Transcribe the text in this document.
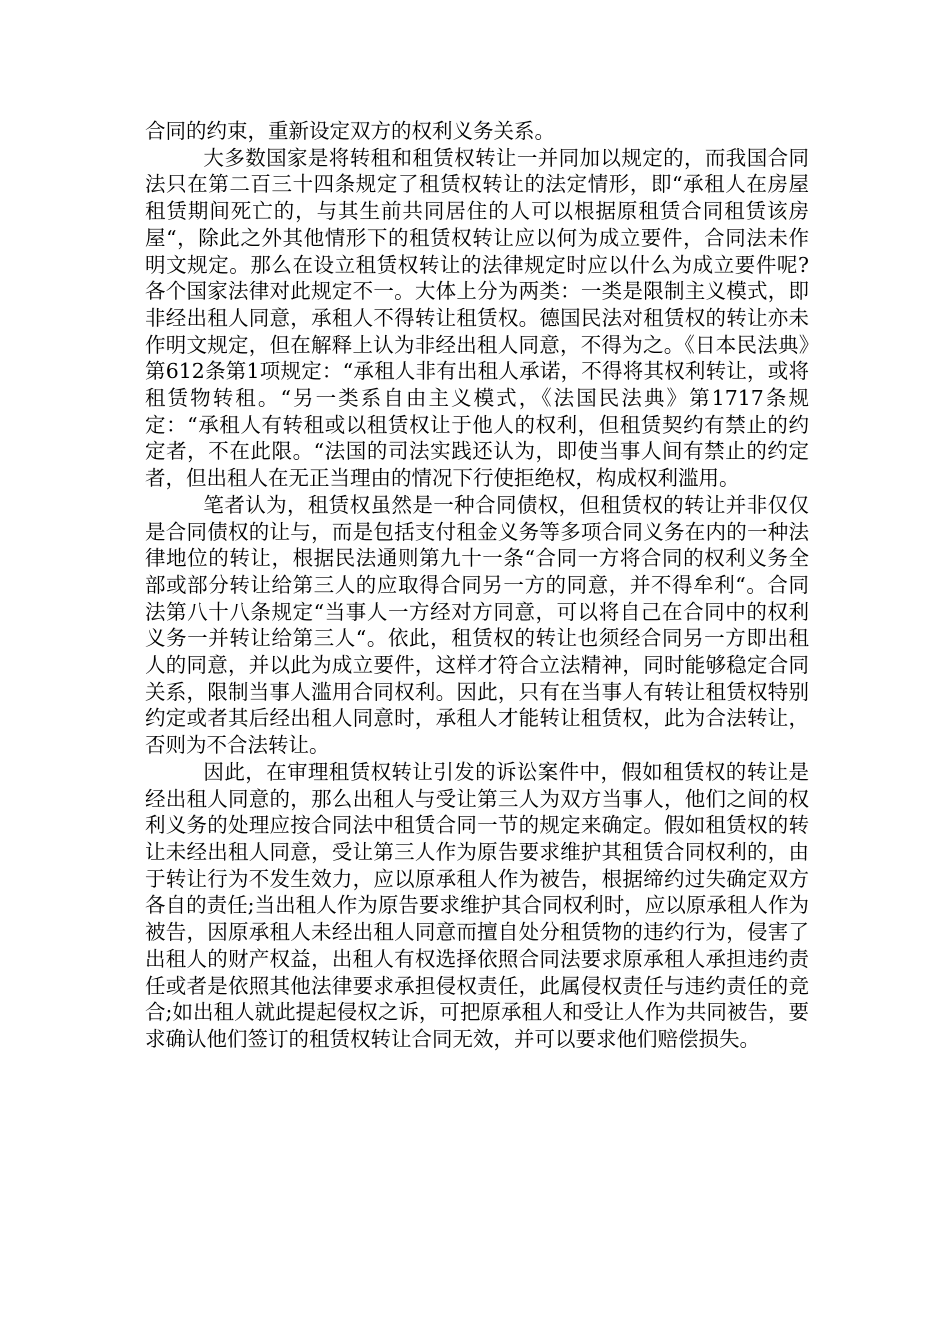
合同的约束，重新设定双方的权利义务关系。

大多数国家是将转租和租赁权转让一并同加以规定的，而我国合同法只在第二百三十四条规定了租赁权转让的法定情形，即“承租人在房屋租赁期间死亡的，与其生前共同居住的人可以根据原租赁合同租赁该房屋“，除此之外其他情形下的租赁权转让应以何为成立要件，合同法未作明文规定。那么在设立租赁权转让的法律规定时应以什么为成立要件呢?各个国家法律对此规定不一。大体上分为两类：一类是限制主义模式，即非经出租人同意，承租人不得转让租赁权。德国民法对租赁权的转让亦未作明文规定，但在解释上认为非经出租人同意，不得为之。《日本民法典》第612条第1项规定：“承租人非有出租人承诺，不得将其权利转让，或将租赁物转租。“另一类系自由主义模式，《法国民法典》第1717条规定：“承租人有转租或以租赁权让于他人的权利，但租赁契约有禁止的约定者，不在此限。“法国的司法实践还认为，即使当事人间有禁止的约定者，但出租人在无正当理由的情况下行使拒绝权，构成权利滥用。

笔者认为，租赁权虽然是一种合同债权，但租赁权的转让并非仅仅是合同债权的让与，而是包括支付租金义务等多项合同义务在内的一种法律地位的转让，根据民法通则第九十一条“合同一方将合同的权利义务全部或部分转让给第三人的应取得合同另一方的同意，并不得牟利“。合同法第八十八条规定“当事人一方经对方同意，可以将自己在合同中的权利义务一并转让给第三人“。依此，租赁权的转让也须经合同另一方即出租人的同意，并以此为成立要件，这样才符合立法精神，同时能够稳定合同关系，限制当事人滥用合同权利。因此，只有在当事人有转让租赁权特别约定或者其后经出租人同意时，承租人才能转让租赁权，此为合法转让，否则为不合法转让。

因此，在审理租赁权转让引发的诉讼案件中，假如租赁权的转让是经出租人同意的，那么出租人与受让第三人为双方当事人，他们之间的权利义务的处理应按合同法中租赁合同一节的规定来确定。假如租赁权的转让未经出租人同意，受让第三人作为原告要求维护其租赁合同权利的，由于转让行为不发生效力，应以原承租人作为被告，根据缔约过失确定双方各自的责任;当出租人作为原告要求维护其合同权利时，应以原承租人作为被告，因原承租人未经出租人同意而擅自处分租赁物的违约行为，侵害了出租人的财产权益，出租人有权选择依照合同法要求原承租人承担违约责任或者是依照其他法律要求承担侵权责任，此属侵权责任与违约责任的竞合;如出租人就此提起侵权之诉，可把原承租人和受让人作为共同被告，要求确认他们签订的租赁权转让合同无效，并可以要求他们赔偿损失。
